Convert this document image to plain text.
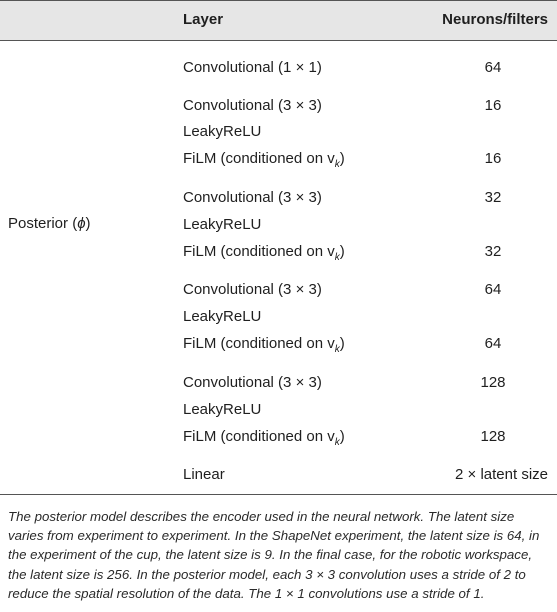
Layer	Neurons/filters
Posterior (ϕ)
Convolutional (1 × 1)	64
Convolutional (3 × 3)	16
LeakyReLU
FiLM (conditioned on $v_k$)	16
Convolutional (3 × 3)	32
LeakyReLU
FiLM (conditioned on $v_k$)	32
Convolutional (3 × 3)	64
LeakyReLU
FiLM (conditioned on $v_k$)	64
Convolutional (3 × 3)	128
LeakyReLU
FiLM (conditioned on $v_k$)	128
Linear	2 × latent size
The posterior model describes the encoder used in the neural network. The latent size varies from experiment to experiment. In the ShapeNet experiment, the latent size is 64, in the experiment of the cup, the latent size is 9. In the final case, for the robotic workspace, the latent size is 256. In the posterior model, each 3 × 3 convolution uses a stride of 2 to reduce the spatial resolution of the data. The 1 × 1 convolutions use a stride of 1.
